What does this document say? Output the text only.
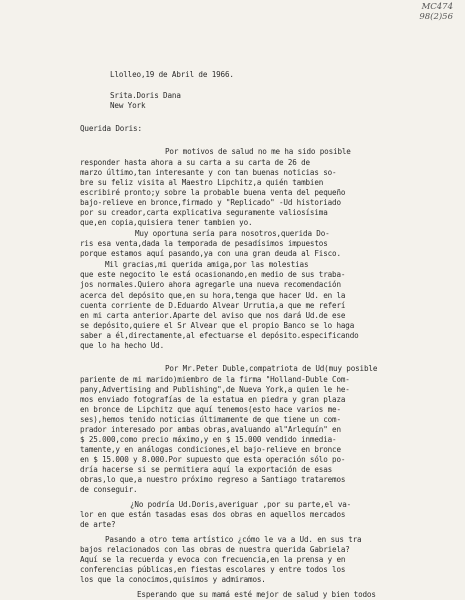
MC474
98(2)56
Llolleo,19 de Abril de 1966.
Srita.Doris Dana
New York
Querida Doris:
Por motivos de salud no me ha sido posible
responder hasta ahora a su carta a su carta de 26 de
marzo último,tan interesante y con tan buenas noticias so-
bre su feliz visita al Maestro Lipchitz,a quién tambien
escribiré pronto;y sobre la probable buena venta del pequeño
bajo-relieve en bronce,firmado y "Replicado" -Ud historiado
por su creador,carta explicativa seguramente valiosísima
que,en copia,quisiera tener tambien yo.
Muy oportuna sería para nosotros,querida Do-
ris esa venta,dada la temporada de pesadísimos impuestos
porque estamos aquí pasando,ya con una gran deuda al Fisco.
Mil gracias,mi querida amiga,por las molestias
que este negocito le está ocasionando,en medio de sus traba-
jos normales.Quiero ahora agregarle una nueva recomendación
acerca del depósito que,en su hora,tenga que hacer Ud. en la
cuenta corriente de D.Eduardo Alvear Urrutia,a que me referí
en mi carta anterior.Aparte del aviso que nos dará Ud.de ese
se depósito,quiere el Sr Alvear que el propio Banco se lo haga
saber a él,directamente,al efectuarse el depósito.especificando
que lo ha hecho Ud.
Por Mr.Peter Duble,compatriota de Ud(muy posible
pariente de mi marido)miembro de la firma "Holland-Duble Com-
pany,Advertising and Publishing",de Nueva York,a quien le he-
mos enviado fotografías de la estatua en piedra y gran plaza
en bronce de Lipchitz que aquí tenemos(esto hace varios me-
ses),hemos tenido noticias últimamente de que tiene un com-
prador interesado por ambas obras,avaluando al"Arlequín" en
$ 25.000,como precio máximo,y en $ 15.000 vendido inmedia-
tamente,y en análogas condiciones,el bajo-relieve en bronce
en $ 15.000 y 8.000.Por supuesto que esta operación sólo po-
dría hacerse si se permitiera aquí la exportación de esas
obras,lo que,a nuestro próximo regreso a Santiago trataremos
de conseguir.
¿No podría Ud.Doris,averiguar ,por su parte,el va-
lor en que están tasadas esas dos obras en aquellos mercados
de arte?
Pasando a otro tema artístico ¿cómo le va a Ud. en sus tra
bajos relacionados con las obras de nuestra querida Gabriela?
Aquí se la recuerda y evoca con frecuencia,en la prensa y en
conferencias públicas,en fiestas escolares y entre todos los
los que la conocimos,quisimos y admiramos.
Esperando que su mamá esté mejor de salud y bien todos
